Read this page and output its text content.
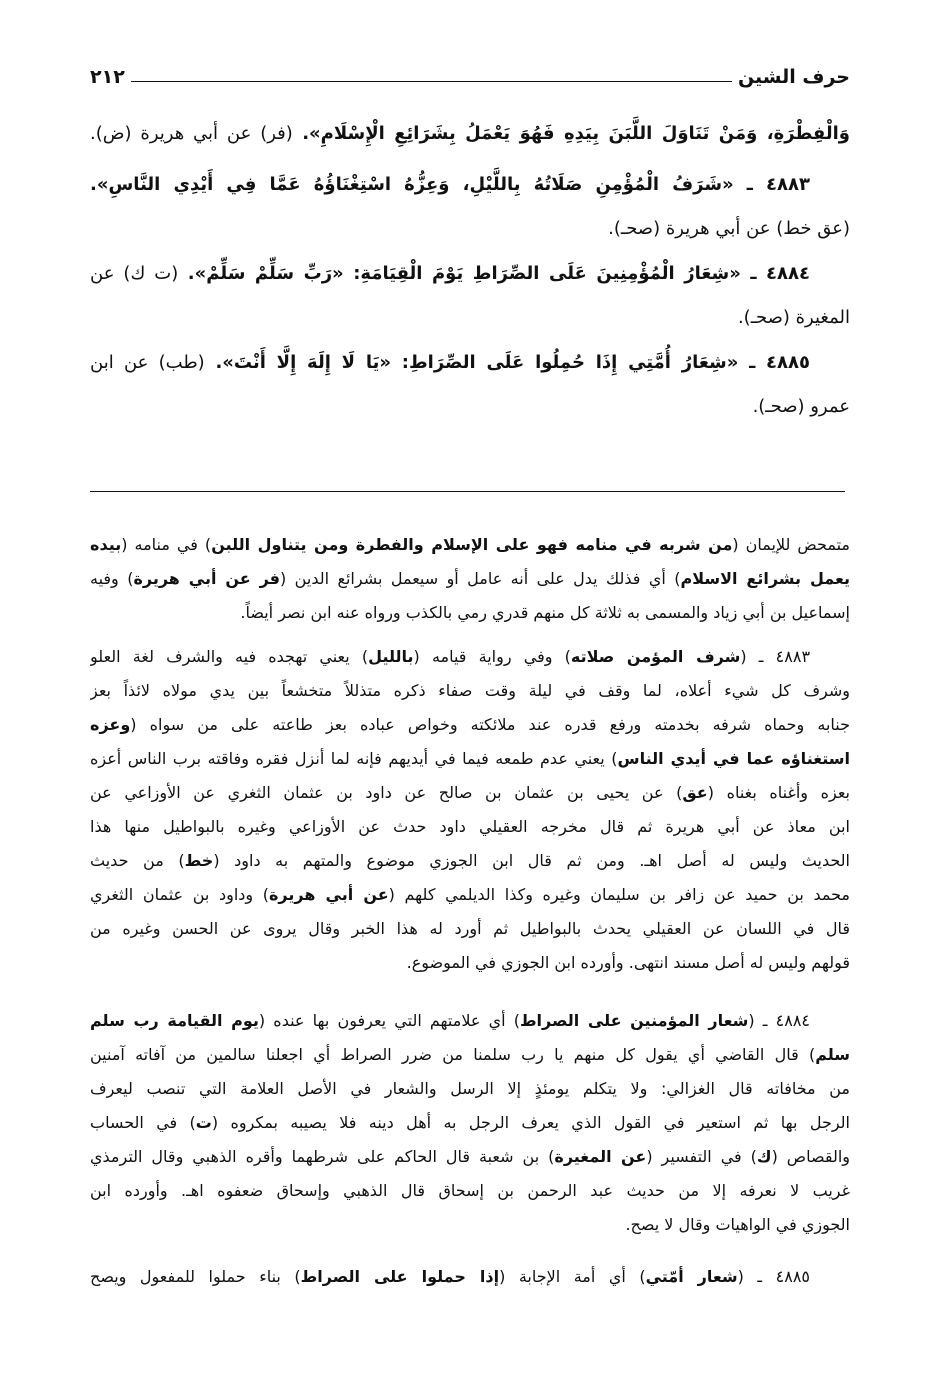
حرف الشين
٢١٢
وَالْفِطْرَةِ، وَمَنْ تَنَاوَلَ اللَّبَنَ بِيَدِهِ فَهُوَ يَعْمَلُ بِشَرَائِعِ الْإِسْلَامِ». (فر) عن أبي هريرة (ض).
٤٨٨٣ ـ «شَرَفُ الْمُؤْمِنِ صَلَاتُهُ بِاللَّيْلِ، وَعِزُّهُ اسْتِغْنَاؤُهُ عَمَّا فِي أَيْدِي النَّاسِ».
(عق خط) عن أبي هريرة (صحـ).
٤٨٨٤ ـ «شِعَارُ الْمُؤْمِنِينَ عَلَى الصِّرَاطِ يَوْمَ الْقِيَامَةِ: «رَبِّ سَلِّمْ سَلِّمْ». (ت ك) عن
المغيرة (صحـ).
٤٨٨٥ ـ «شِعَارُ أُمَّتِي إِذَا حُمِلُوا عَلَى الصِّرَاطِ: «يَا لَا إِلَهَ إِلَّا أَنْتَ». (طب) عن ابن
عمرو (صحـ).
متمحض للإيمان (من شربه في منامه فهو على الإسلام والفطرة ومن يتناول اللبن) في منامه (بيده
يعمل بشرائع الاسلام) أي فذلك يدل على أنه عامل أو سيعمل بشرائع الدين (فر عن أبي هريرة) وفيه
إسماعيل بن أبي زياد والمسمى به ثلاثة كل منهم قدري رمي بالكذب ورواه عنه ابن نصر أيضاً.
٤٨٨٣ ـ (شرف المؤمن صلاته) وفي رواية قيامه (بالليل) يعني تهجده فيه والشرف لغة العلو
وشرف كل شيء أعلاه، لما وقف في ليلة وقت صفاء ذكره متذللاً متخشعاً بين يدي مولاه لائذاً بعز
جنابه وحماه شرفه بخدمته ورفع قدره عند ملائكته وخواص عباده بعز طاعته على من سواه (وعزه
استغناؤه عما في أيدي الناس) يعني عدم طمعه فيما في أيديهم فإنه لما أنزل فقره وفاقته برب الناس أعزه
بعزه وأغناه بغناه (عق) عن يحيى بن عثمان بن صالح عن داود بن عثمان الثغري عن الأوزاعي عن
ابن معاذ عن أبي هريرة ثم قال مخرجه العقيلي داود حدث عن الأوزاعي وغيره بالبواطيل منها هذا
الحديث وليس له أصل اهـ. ومن ثم قال ابن الجوزي موضوع والمتهم به داود (خط) من حديث
محمد بن حميد عن زافر بن سليمان وغيره وكذا الديلمي كلهم (عن أبي هريرة) وداود بن عثمان الثغري
قال في اللسان عن العقيلي يحدث بالبواطيل ثم أورد له هذا الخبر وقال يروى عن الحسن وغيره من
قولهم وليس له أصل مسند انتهى. وأورده ابن الجوزي في الموضوع.
٤٨٨٤ ـ (شعار المؤمنين على الصراط) أي علامتهم التي يعرفون بها عنده (يوم القيامة رب سلم
سلم) قال القاضي أي يقول كل منهم يا رب سلمنا من ضرر الصراط أي اجعلنا سالمين من آفاته آمنين
من مخافاته قال الغزالي: ولا يتكلم يومئذٍ إلا الرسل والشعار في الأصل العلامة التي تنصب ليعرف
الرجل بها ثم استعير في القول الذي يعرف الرجل به أهل دينه فلا يصيبه بمكروه (ت) في الحساب
والقصاص (ك) في التفسير (عن المغيرة) بن شعبة قال الحاكم على شرطهما وأقره الذهبي وقال الترمذي
غريب لا نعرفه إلا من حديث عبد الرحمن بن إسحاق قال الذهبي وإسحاق ضعفوه اهـ. وأورده ابن
الجوزي في الواهيات وقال لا يصح.
٤٨٨٥ ـ (شعار أمّتي) أي أمة الإجابة (إذا حملوا على الصراط) بناء حملوا للمفعول ويصح
